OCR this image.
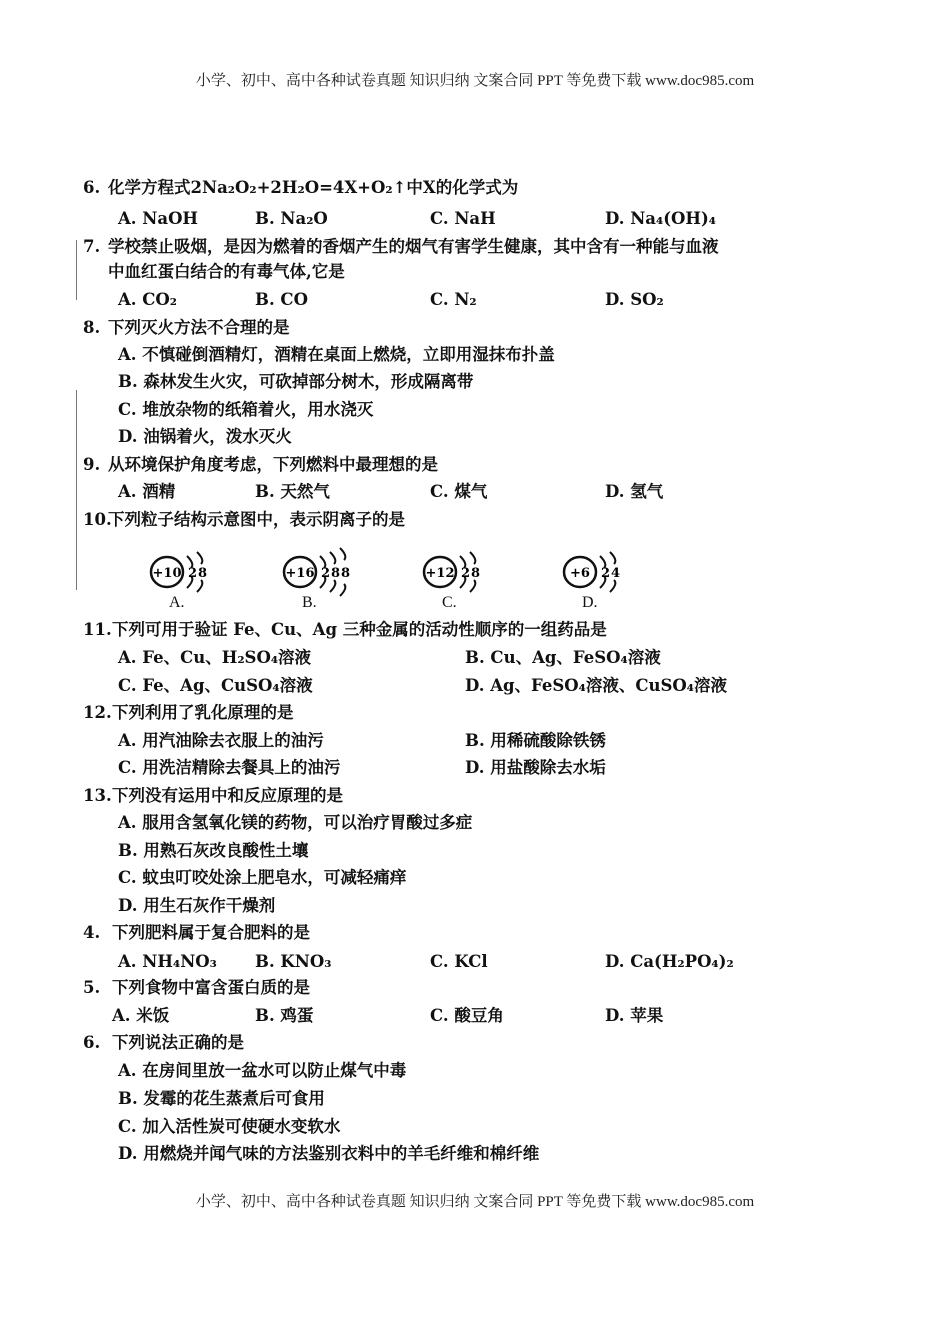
小学、初中、高中各种试卷真题 知识归纳 文案合同 PPT 等免费下载 www.doc985.com
小学、初中、高中各种试卷真题 知识归纳 文案合同 PPT 等免费下载 www.doc985.com
6. 化学方程式2Na₂O₂+2H₂O=4X+O₂↑中X的化学式为
A. NaOH	B. Na₂O	C. NaH	D. Na₄(OH)₄
7. 学校禁止吸烟，是因为燃着的香烟产生的烟气有害学生健康，其中含有一种能与血液
中血红蛋白结合的有毒气体,它是
A. CO₂	B. CO	C. N₂	D. SO₂
8. 下列灭火方法不合理的是
A. 不慎碰倒酒精灯，酒精在桌面上燃烧，立即用湿抹布扑盖
B. 森林发生火灾，可砍掉部分树木，形成隔离带
C. 堆放杂物的纸箱着火，用水浇灭
D. 油锅着火，泼水灭火
9. 从环境保护角度考虑，下列燃料中最理想的是
A. 酒精	B. 天然气	C. 煤气	D. 氢气
10.
下列粒子结构示意图中，表示阴离子的是
11. 下列可用于验证 Fe、Cu、Ag 三种金属的活动性顺序的一组药品是
A. Fe、Cu、H₂SO₄溶液	B. Cu、Ag、FeSO₄溶液
C. Fe、Ag、CuSO₄溶液	D. Ag、FeSO₄溶液、CuSO₄溶液
12. 下列利用了乳化原理的是
A. 用汽油除去衣服上的油污	B. 用稀硫酸除铁锈
C. 用洗洁精除去餐具上的油污	D. 用盐酸除去水垢
13. 下列没有运用中和反应原理的是
A. 服用含氢氧化镁的药物，可以治疗胃酸过多症
B. 用熟石灰改良酸性土壤
C. 蚊虫叮咬处涂上肥皂水，可减轻痛痒
D. 用生石灰作干燥剂
4. 下列肥料属于复合肥料的是
A. NH₄NO₃ B. KNO₃	C. KCl	D. Ca(H₂PO₄)₂
5. 下列食物中富含蛋白质的是
A. 米饭	B. 鸡蛋	C. 酸豆角	D. 苹果
6. 下列说法正确的是
A. 在房间里放一盆水可以防止煤气中毒
B. 发霉的花生蒸煮后可食用
C. 加入活性炭可使硬水变软水
D. 用燃烧并闻气味的方法鉴别衣料中的羊毛纤维和棉纤维
+10 2 8
A.
+16 2 8 8
B.
+12 2 8
C.
+6 2 4
D.
